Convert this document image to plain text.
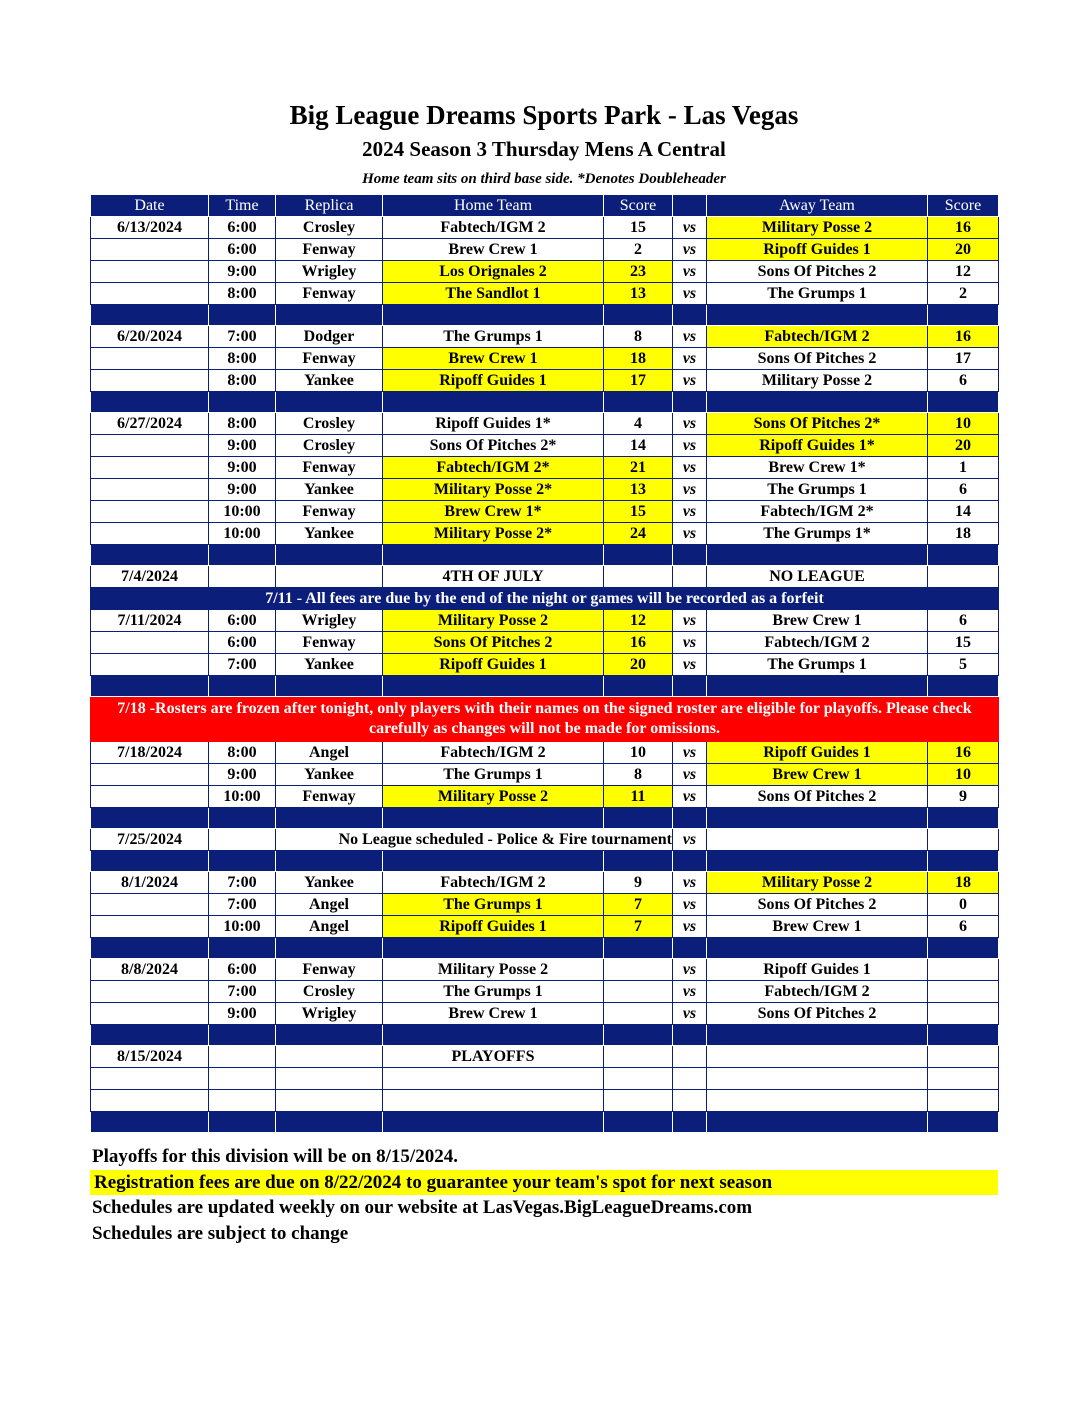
Big League Dreams Sports Park - Las Vegas
2024 Season 3 Thursday Mens A Central
Home team sits on third base side. *Denotes Doubleheader
Date	Time	Replica	Home Team	Score		Away Team	Score
6/13/2024	6:00	Crosley	Fabtech/IGM 2	15	vs	Military Posse 2	16
	6:00	Fenway	Brew Crew 1	2	vs	Ripoff Guides 1	20
	9:00	Wrigley	Los Orignales 2	23	vs	Sons Of Pitches 2	12
	8:00	Fenway	The Sandlot 1	13	vs	The Grumps 1	2

6/20/2024	7:00	Dodger	The Grumps 1	8	vs	Fabtech/IGM 2	16
	8:00	Fenway	Brew Crew 1	18	vs	Sons Of Pitches 2	17
	8:00	Yankee	Ripoff Guides 1	17	vs	Military Posse 2	6

6/27/2024	8:00	Crosley	Ripoff Guides 1*	4	vs	Sons Of Pitches 2*	10
	9:00	Crosley	Sons Of Pitches 2*	14	vs	Ripoff Guides 1*	20
	9:00	Fenway	Fabtech/IGM 2*	21	vs	Brew Crew 1*	1
	9:00	Yankee	Military Posse 2*	13	vs	The Grumps 1	6
	10:00	Fenway	Brew Crew 1*	15	vs	Fabtech/IGM 2*	14
	10:00	Yankee	Military Posse 2*	24	vs	The Grumps 1*	18

7/4/2024			4TH OF JULY			NO LEAGUE	
7/11 - All fees are due by the end of the night or games will be recorded as a forfeit							
7/11/2024	6:00	Wrigley	Military Posse 2	12	vs	Brew Crew 1	6
	6:00	Fenway	Sons Of Pitches 2	16	vs	Fabtech/IGM 2	15
	7:00	Yankee	Ripoff Guides 1	20	vs	The Grumps 1	5

7/18 -Rosters are frozen after tonight, only players with their names on the signed roster are eligible for playoffs. Please check carefully as changes will not be made for omissions.							
7/18/2024	8:00	Angel	Fabtech/IGM 2	10	vs	Ripoff Guides 1	16
	9:00	Yankee	The Grumps 1	8	vs	Brew Crew 1	10
	10:00	Fenway	Military Posse 2	11	vs	Sons Of Pitches 2	9

7/25/2024		No League scheduled - Police & Fire tournament			vs		

8/1/2024	7:00	Yankee	Fabtech/IGM 2	9	vs	Military Posse 2	18
	7:00	Angel	The Grumps 1	7	vs	Sons Of Pitches 2	0
	10:00	Angel	Ripoff Guides 1	7	vs	Brew Crew 1	6

8/8/2024	6:00	Fenway	Military Posse 2		vs	Ripoff Guides 1	
	7:00	Crosley	The Grumps 1		vs	Fabtech/IGM 2	
	9:00	Wrigley	Brew Crew 1		vs	Sons Of Pitches 2	

8/15/2024			PLAYOFFS				

Playoffs for this division will be on 8/15/2024.
Registration fees are due on 8/22/2024 to guarantee your team's spot for next season
Schedules are updated weekly on our website at LasVegas.BigLeagueDreams.com
Schedules are subject to change
